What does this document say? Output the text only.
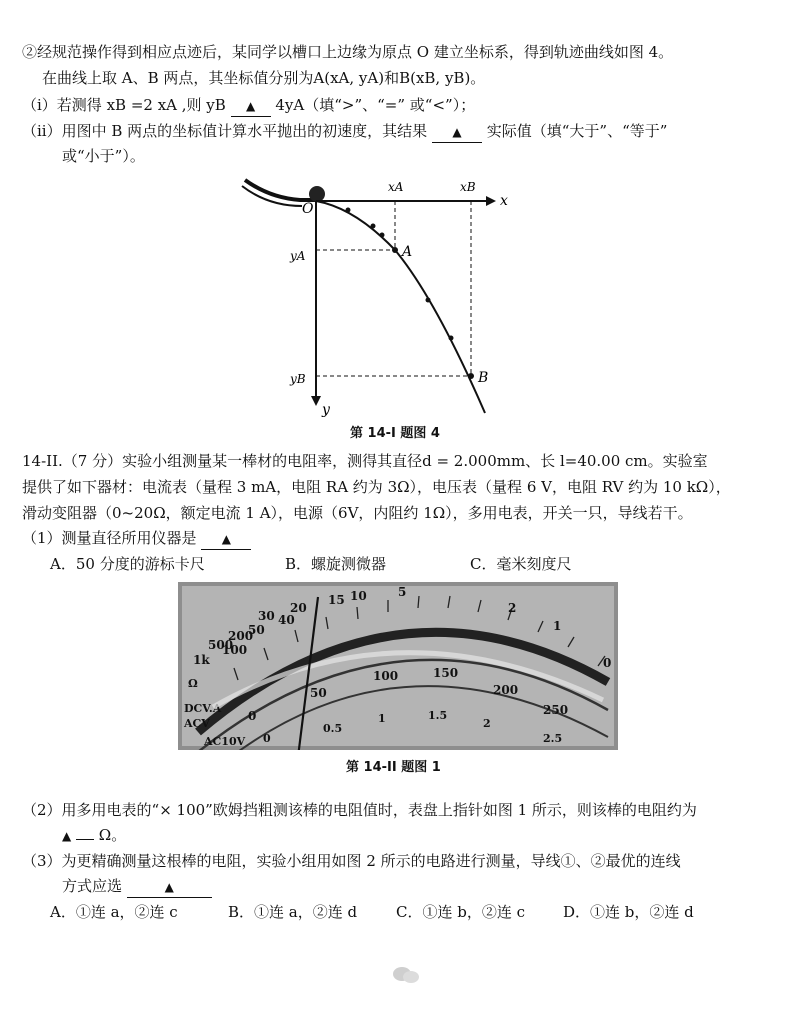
②经规范操作得到相应点迹后，某同学以槽口上边缘为原点 O 建立坐标系，得到轨迹曲线如图 4。
在曲线上取 A、B 两点，其坐标值分别为A(xA, yA)和B(xB, yB)。
（i）若测得 xB =2 xA ,则 yB ▲ 4yA（填“>”、“=” 或“<”）；
（ii）用图中 B 两点的坐标值计算水平抛出的初速度，其结果 ▲ 实际值（填“大于”、“等于”
或“小于”）。
O	x
y
xA	xB
yA
yB
A
B
第 14-I 题图 4
14-II.（7 分）实验小组测量某一棒材的电阻率，测得其直径d = 2.000mm、长 l=40.00 cm。实验室
提供了如下器材：电流表（量程 3 mA，电阻 RA 约为 3Ω），电压表（量程 6 V，电阻 RV 约为 10 kΩ），
滑动变阻器（0~20Ω，额定电流 1 A），电源（6V，内阻约 1Ω），多用电表，开关一只，导线若干。
（1）测量直径所用仪器是 ▲
A．50 分度的游标卡尺	B．螺旋测微器	C．毫米刻度尺
1k
500
200
100
50
40
30
20
15 10	5
2
1
0
0
50
100	150
200
250
0
0.5
1	1.5
2
2.5
Ω
DCV.A
ACV
AC10V
第 14-II 题图 1
（2）用多用电表的“× 100”欧姆挡粗测该棒的电阻值时，表盘上指针如图 1 所示，则该棒的电阻约为
▲ Ω。
（3）为更精确测量这根棒的电阻，实验小组用如图 2 所示的电路进行测量，导线①、②最优的连线
方式应选	▲
A．①连 a，②连 c	B．①连 a，②连 d	C．①连 b，②连 c	D．①连 b，②连 d
